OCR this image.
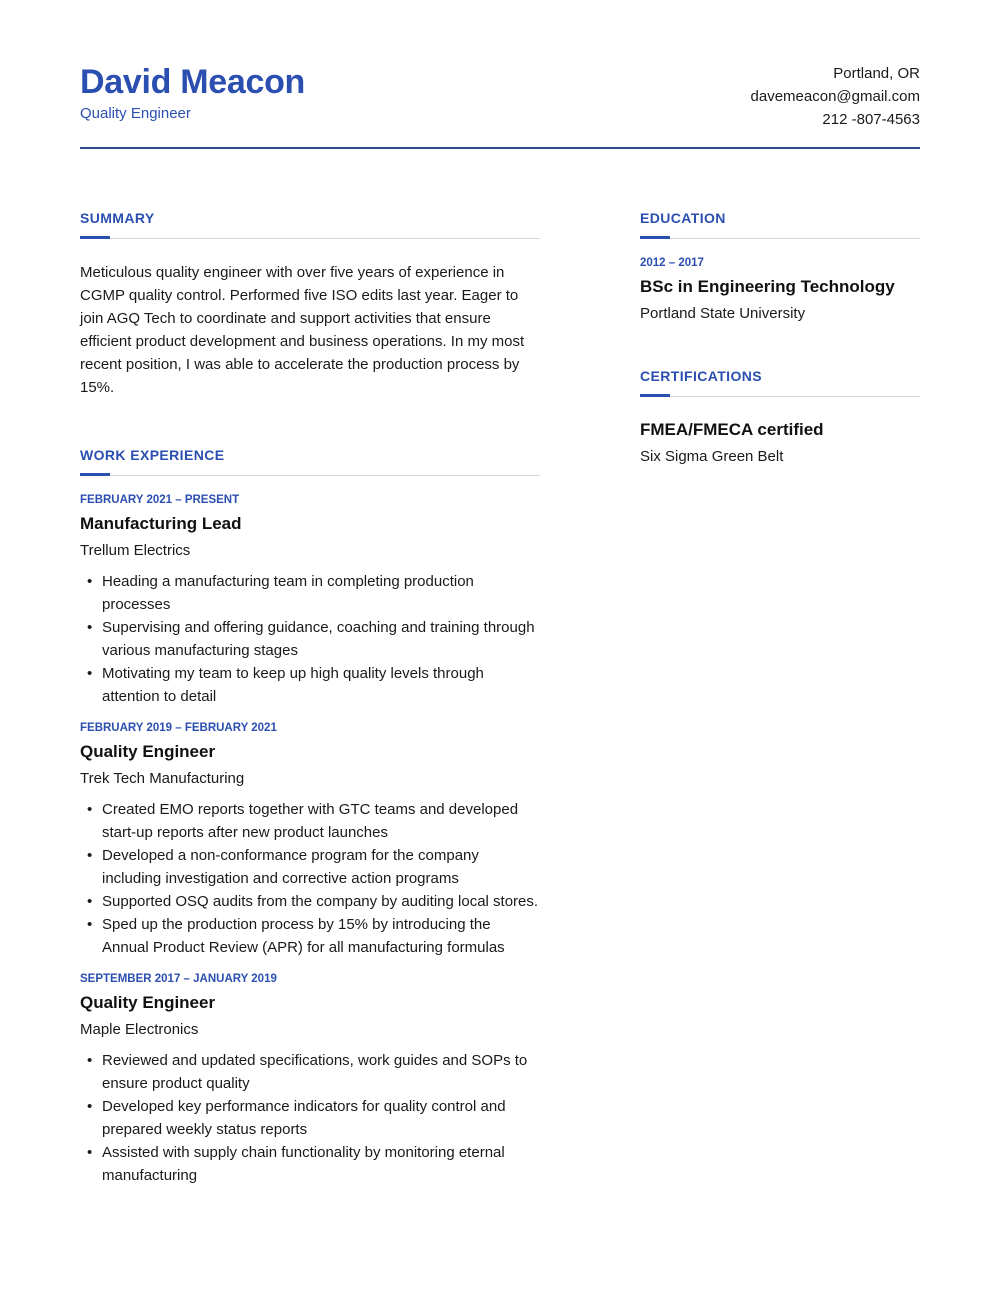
David Meacon
Quality Engineer
Portland, OR
davemeacon@gmail.com
212 -807-4563
SUMMARY

Meticulous quality engineer with over five years of experience in CGMP quality control. Performed five ISO edits last year. Eager to join AGQ Tech to coordinate and support activities that ensure efficient product development and business operations. In my most recent position, I was able to accelerate the production process by 15%.

WORK EXPERIENCE
FEBRUARY 2021 – PRESENT
Manufacturing Lead
Trellum Electrics
• Heading a manufacturing team in completing production processes
• Supervising and offering guidance, coaching and training through various manufacturing stages
• Motivating my team to keep up high quality levels through attention to detail
FEBRUARY 2019 – FEBRUARY 2021
Quality Engineer
Trek Tech Manufacturing
• Created EMO reports together with GTC teams and developed start-up reports after new product launches
• Developed a non-conformance program for the company including investigation and corrective action programs
• Supported OSQ audits from the company by auditing local stores.
• Sped up the production process by 15% by introducing the Annual Product Review (APR) for all manufacturing formulas
SEPTEMBER 2017 – JANUARY 2019
Quality Engineer
Maple Electronics
• Reviewed and updated specifications, work guides and SOPs to ensure product quality
• Developed key performance indicators for quality control and prepared weekly status reports
• Assisted with supply chain functionality by monitoring eternal manufacturing
EDUCATION
2012 – 2017
BSc in Engineering Technology
Portland State University
CERTIFICATIONS
FMEA/FMECA certified
Six Sigma Green Belt
